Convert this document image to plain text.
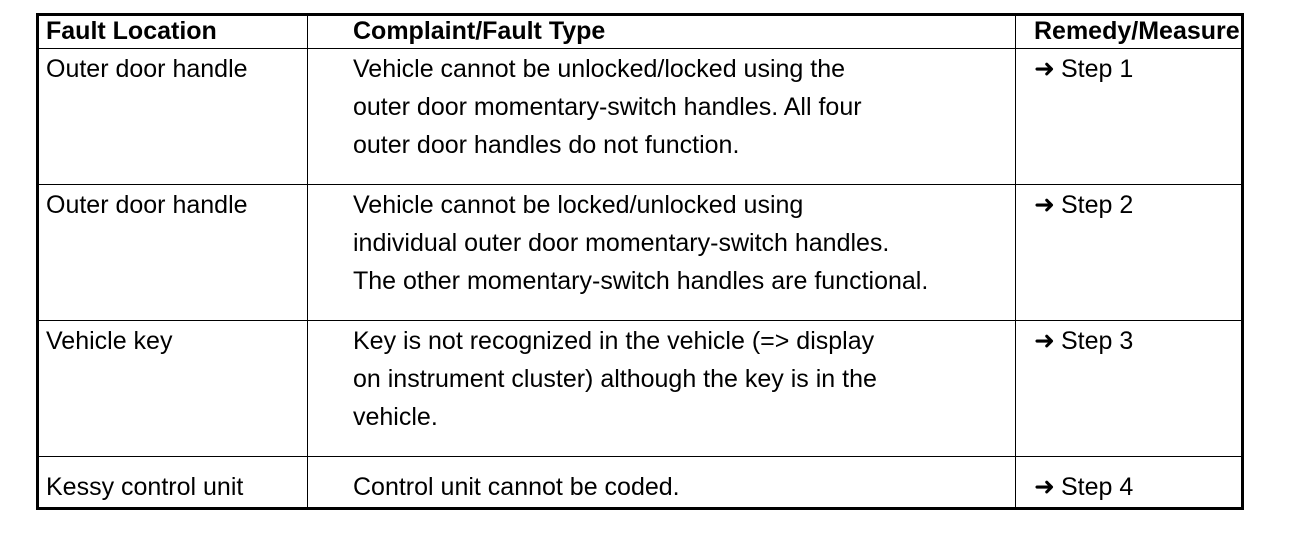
Fault Location	Complaint/Fault Type	Remedy/Measure
Outer door handle	Vehicle cannot be unlocked/locked using the
outer door momentary-switch handles. All four
outer door handles do not function.	➜ Step 1
Outer door handle	Vehicle cannot be locked/unlocked using
individual outer door momentary-switch handles.
The other momentary-switch handles are functional.	➜ Step 2
Vehicle key	Key is not recognized in the vehicle (=> display
on instrument cluster) although the key is in the
vehicle.	➜ Step 3
Kessy control unit	Control unit cannot be coded.	➜ Step 4
